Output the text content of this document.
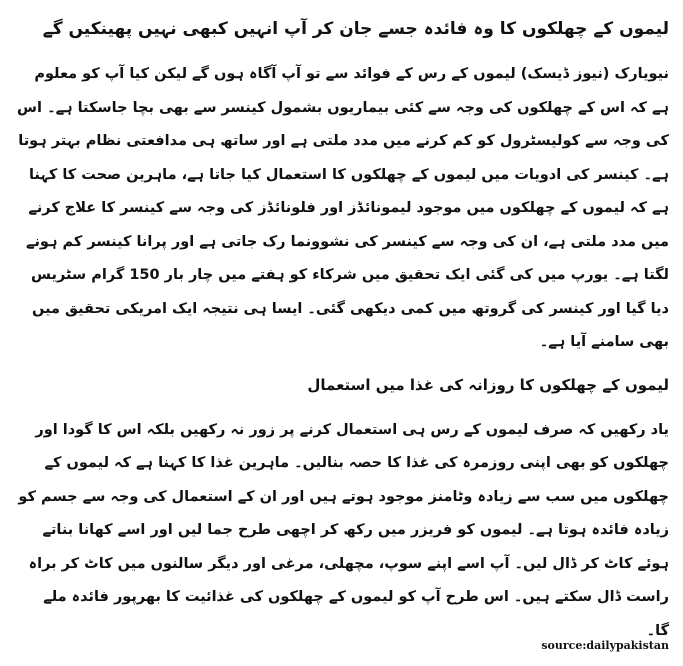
لیموں کے چھلکوں کا وہ فائدہ جسے جان کر آپ انہیں کبھی نہیں پھینکیں گے

نیویارک (نیوز ڈیسک) لیموں کے رس کے فوائد سے تو آپ آگاہ ہوں گے لیکن کیا آپ کو معلوم ہے کہ اس کے چھلکوں کی وجہ سے کئی بیماریوں بشمول کینسر سے بھی بچا جاسکتا ہے۔ اس کی وجہ سے کولیسٹرول کو کم کرنے میں مدد ملتی ہے اور ساتھ ہی مدافعتی نظام بہتر ہوتا ہے۔ کینسر کی ادویات میں لیموں کے چھلکوں کا استعمال کیا جاتا ہے، ماہرین صحت کا کہنا ہے کہ لیموں کے چھلکوں میں موجود لیمونائڈز اور فلونائڈز کی وجہ سے کینسر کا علاج کرنے میں مدد ملتی ہے، ان کی وجہ سے کینسر کی نشوونما رک جاتی ہے اور پرانا کینسر کم ہونے لگتا ہے۔ یورپ میں کی گئی ایک تحقیق میں شرکاء کو ہفتے میں چار بار 150 گرام سٹریس دیا گیا اور کینسر کی گروتھ میں کمی دیکھی گئی۔ ایسا ہی نتیجہ ایک امریکی تحقیق میں بھی سامنے آیا ہے۔

لیموں کے چھلکوں کا روزانہ کی غذا میں استعمال

یاد رکھیں کہ صرف لیموں کے رس ہی استعمال کرنے پر زور نہ رکھیں بلکہ اس کا گودا اور چھلکوں کو بھی اپنی روزمرہ کی غذا کا حصہ بنالیں۔ ماہرین غذا کا کہنا ہے کہ لیموں کے چھلکوں میں سب سے زیادہ وٹامنز موجود ہوتے ہیں اور ان کے استعمال کی وجہ سے جسم کو زیادہ فائدہ ہوتا ہے۔ لیموں کو فریزر میں رکھ کر اچھی طرح جما لیں اور اسے کھانا بناتے ہوئے کاٹ کر ڈال لیں۔ آپ اسے اپنے سوپ، مچھلی، مرغی اور دیگر سالنوں میں کاٹ کر براہ راست ڈال سکتے ہیں۔ اس طرح آپ کو لیموں کے چھلکوں کی غذائیت کا بھرپور فائدہ ملے گا۔

source:dailypakistan
